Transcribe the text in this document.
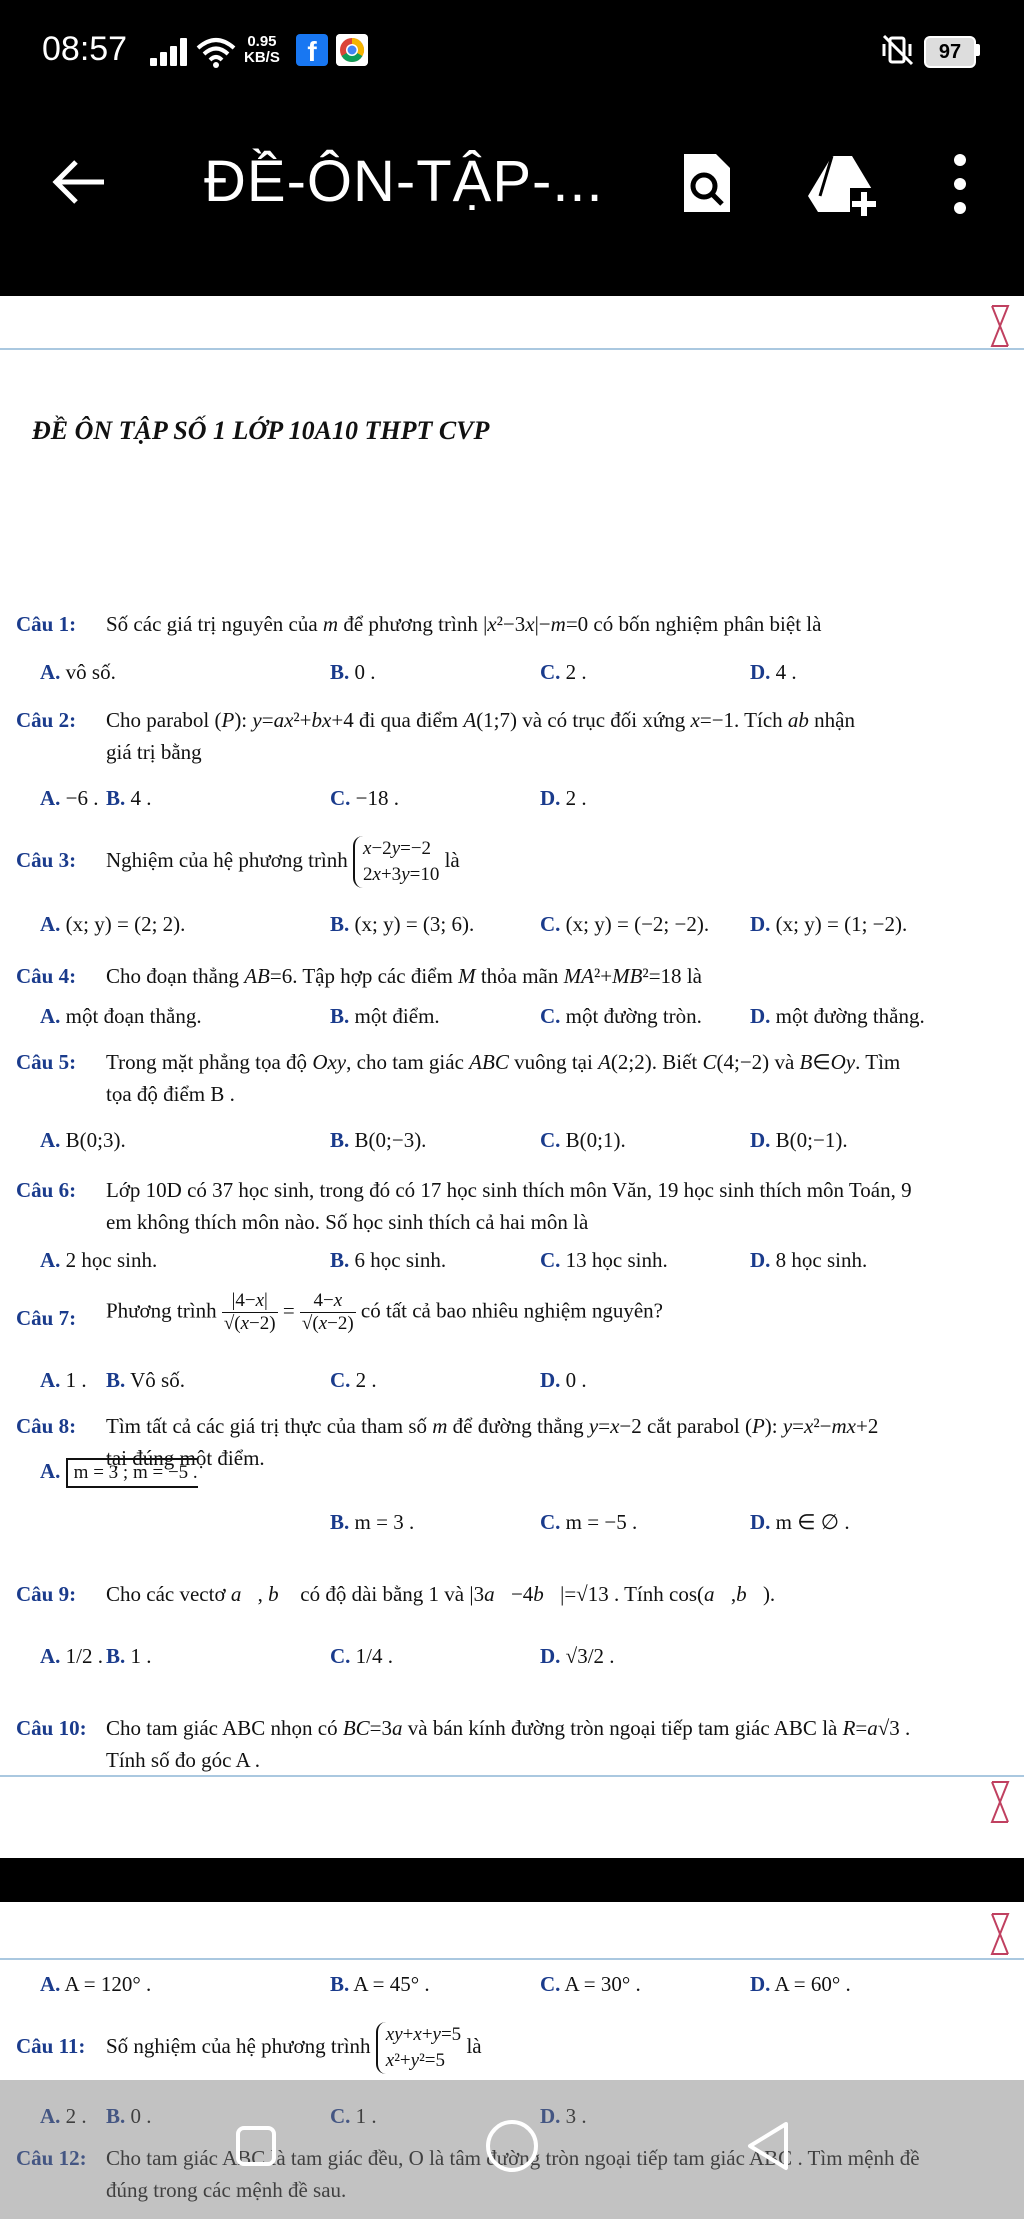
08:57	0.95
KB/S f	97
ĐỀ-ÔN-TẬP-...
ĐỀ ÔN TẬP SỐ 1 LỚP 10A10 THPT CVP
Câu 1: Số các giá trị nguyên của m để phương trình |x²−3x|−m=0 có bốn nghiệm phân biệt là
A. vô số.	B. 0 .	C. 2 .	D. 4 .
Câu 2: Cho parabol (P): y=ax²+bx+4 đi qua điểm A(1;7) và có trục đối xứng x=−1. Tích ab nhận
giá trị bằng
A. −6 . B. 4 .	C. −18 .	D. 2 .
Câu 3: Nghiệm của hệ phương trình x−2y=−2
2x+3y=10 là
A. (x; y) = (2; 2).	B. (x; y) = (3; 6).	C. (x; y) = (−2; −2). D. (x; y) = (1; −2).
Câu 4: Cho đoạn thẳng AB=6. Tập hợp các điểm M thỏa mãn MA²+MB²=18 là
A. một đoạn thẳng.	B. một điểm.	C. một đường tròn. D. một đường thẳng.
Câu 5: Trong mặt phẳng tọa độ Oxy, cho tam giác ABC vuông tại A(2;2). Biết C(4;−2) và B∈Oy. Tìm
tọa độ điểm B .
A. B(0;3).	B. B(0;−3).	C. B(0;1).	D. B(0;−1).
Câu 6: Lớp 10D có 37 học sinh, trong đó có 17 học sinh thích môn Văn, 19 học sinh thích môn Toán, 9
em không thích môn nào. Số học sinh thích cả hai môn là
A. 2 học sinh.	B. 6 học sinh.	C. 13 học sinh.	D. 8 học sinh.
Câu 7: Phương trình $\frac{|4-x|}{√(x-2)} = \frac{4-x}{√(x-2)}$ có tất cả bao nhiêu nghiệm nguyên?
A. 1 . B. Vô số.	C. 2 .	D. 0 .
Câu 8: Tìm tất cả các giá trị thực của tham số m để đường thẳng y=x−2 cắt parabol (P): y=x²−mx+2
tại đúng một điểm.
A. m = 3 ; m = −5 .
B. m = 3 .	C. m = −5 .	D. m ∈ ∅ .
Câu 9: Cho các vectơ a⃗, b⃗ có độ dài bằng 1 và |3a⃗−4b⃗|=√13 . Tính cos(a⃗,b⃗).
A. 1/2 . B. 1 .	C. 1/4 .	D. √3/2 .
Câu 10: Cho tam giác ABC nhọn có BC=3a và bán kính đường tròn ngoại tiếp tam giác ABC là R=a√3 .
Tính số đo góc A .
A. A = 120° .	B. A = 45° .	C. A = 30° .	D. A = 60° .
Câu 11: Số nghiệm của hệ phương trình xy+x+y=5
x²+y²=5 là
A. 2 . B. 0 .	C. 1 .	D. 3 .
Câu 12: Cho tam giác ABC là tam giác đều, O là tâm đường tròn ngoại tiếp tam giác ABC . Tìm mệnh đề
đúng trong các mệnh đề sau.
